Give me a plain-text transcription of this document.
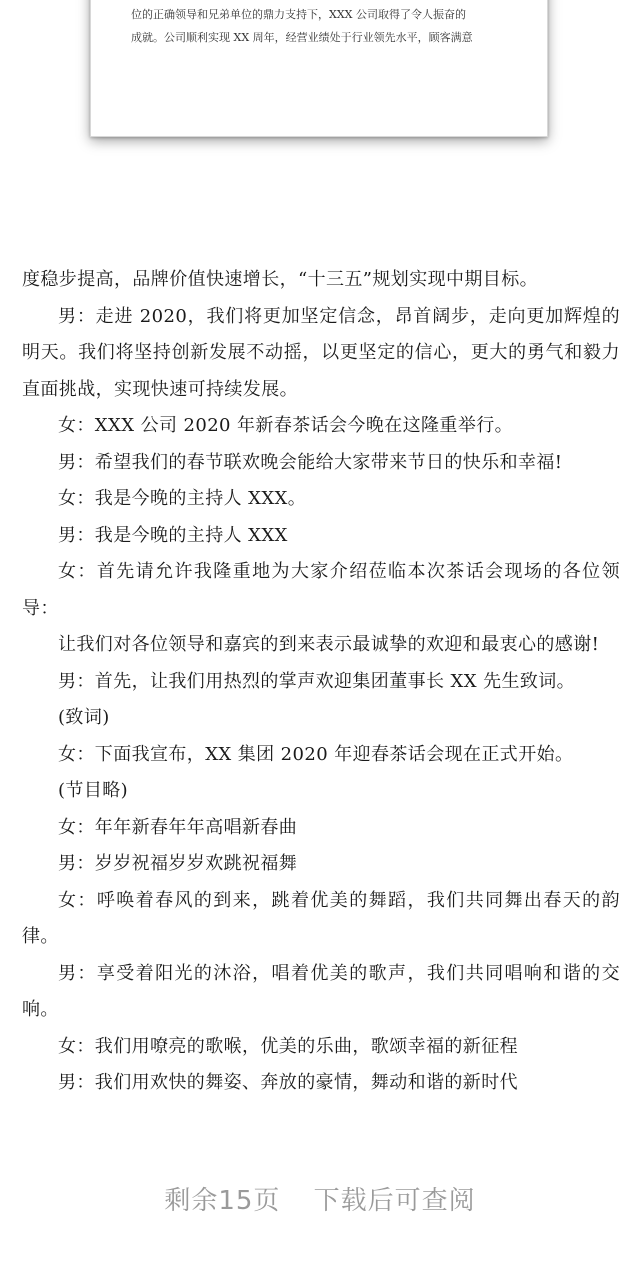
位的正确领导和兄弟单位的鼎力支持下，XXX 公司取得了令人振奋的
成就。公司顺利实现 XX 周年，经营业绩处于行业领先水平，顾客满意

度稳步提高，品牌价值快速增长，“十三五”规划实现中期目标。

男：走进 2020，我们将更加坚定信念，昂首阔步，走向更加辉煌的明天。我们将坚持创新发展不动摇，以更坚定的信心，更大的勇气和毅力直面挑战，实现快速可持续发展。

女：XXX 公司 2020 年新春茶话会今晚在这隆重举行。

男：希望我们的春节联欢晚会能给大家带来节日的快乐和幸福!

女：我是今晚的主持人 XXX。

男：我是今晚的主持人 XXX

女：首先请允许我隆重地为大家介绍莅临本次茶话会现场的各位领导：

让我们对各位领导和嘉宾的到来表示最诚挚的欢迎和最衷心的感谢!

男：首先，让我们用热烈的掌声欢迎集团董事长 XX 先生致词。

(致词)

女：下面我宣布，XX 集团 2020 年迎春茶话会现在正式开始。

(节目略)

女：年年新春年年高唱新春曲

男：岁岁祝福岁岁欢跳祝福舞

女：呼唤着春风的到来，跳着优美的舞蹈，我们共同舞出春天的韵律。

男：享受着阳光的沐浴，唱着优美的歌声，我们共同唱响和谐的交响。

女：我们用嘹亮的歌喉，优美的乐曲，歌颂幸福的新征程

男：我们用欢快的舞姿、奔放的豪情，舞动和谐的新时代

剩余15页 下载后可查阅
